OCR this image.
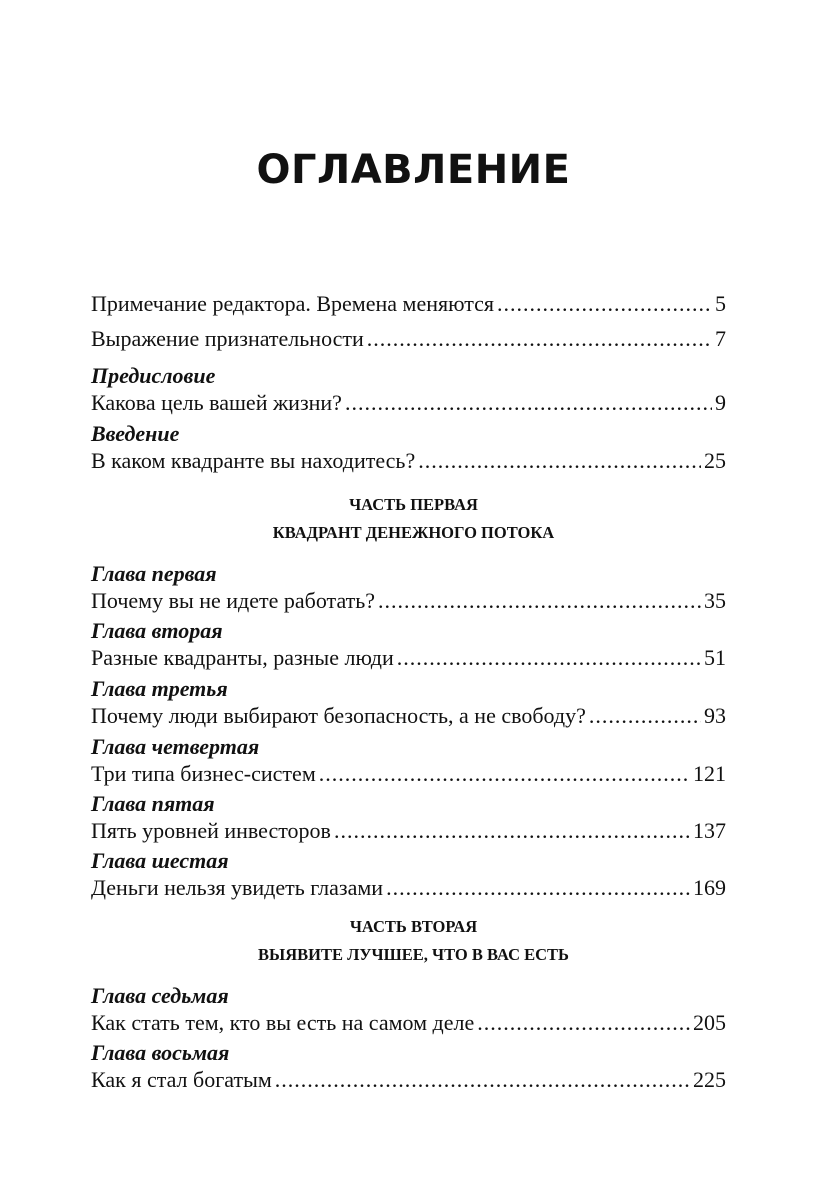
ОГЛАВЛЕНИЕ
Примечание редактора. Времена меняются .....	5
Выражение признательности .....	7
Предисловие
Какова цель вашей жизни? .....	9
Введение
В каком квадранте вы находитесь? .....	25
Глава первая
Почему вы не идете работать? .....	35
Глава вторая
Разные квадранты, разные люди .....	51
Глава третья
Почему люди выбирают безопасность, а не свободу? .....	93
Глава четвертая
Три типа бизнес-систем .....	121
Глава пятая
Пять уровней инвесторов .....	137
Глава шестая
Деньги нельзя увидеть глазами .....	169
Глава седьмая
Как стать тем, кто вы есть на самом деле .....	205
Глава восьмая
Как я стал богатым .....	225
ЧАСТЬ ПЕРВАЯ
КВАДРАНТ ДЕНЕЖНОГО ПОТОКА
ЧАСТЬ ВТОРАЯ
ВЫЯВИТЕ ЛУЧШЕЕ, ЧТО В ВАС ЕСТЬ
